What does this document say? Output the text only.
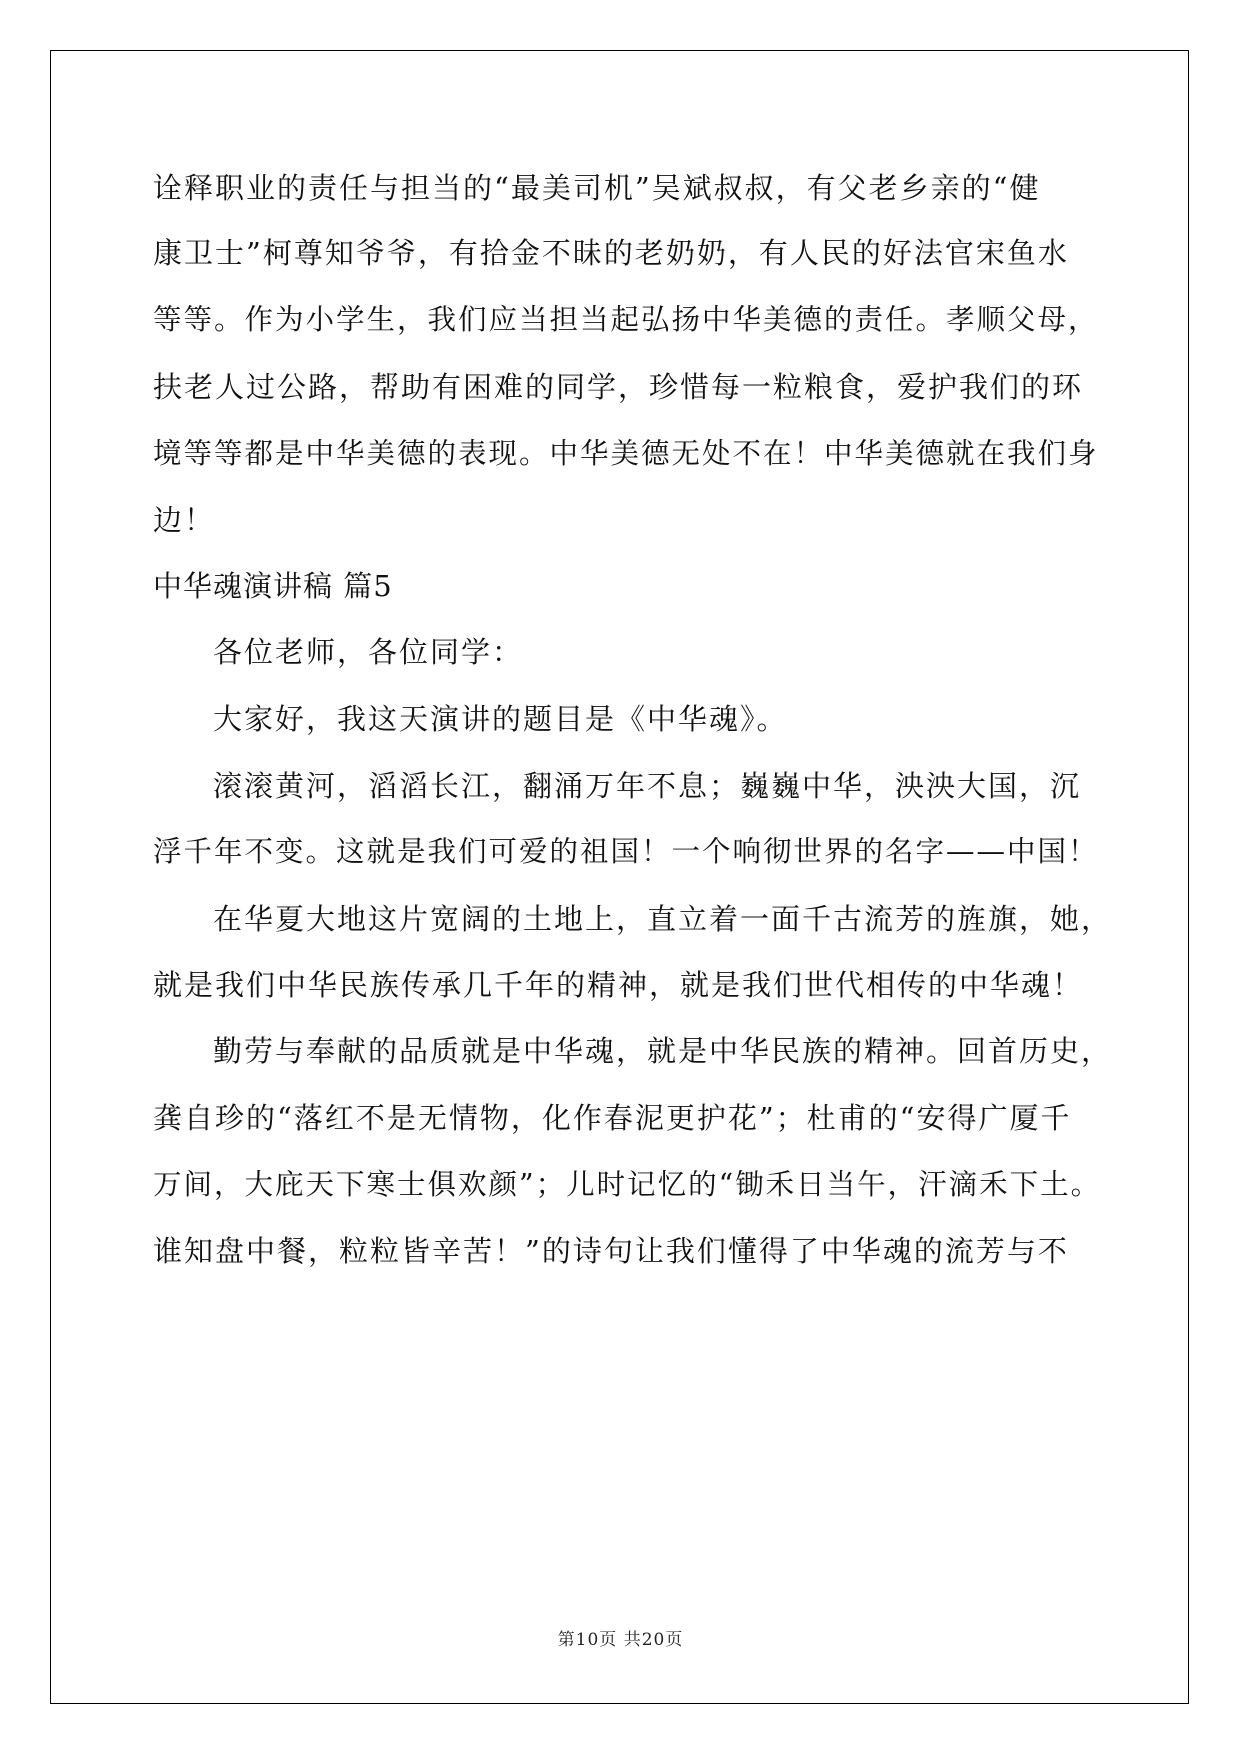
诠释职业的责任与担当的“最美司机”吴斌叔叔，有父老乡亲的“健
康卫士”柯尊知爷爷，有拾金不昧的老奶奶，有人民的好法官宋鱼水
等等。作为小学生，我们应当担当起弘扬中华美德的责任。孝顺父母，
扶老人过公路，帮助有困难的同学，珍惜每一粒粮食，爱护我们的环
境等等都是中华美德的表现。中华美德无处不在！中华美德就在我们身
边！
中华魂演讲稿 篇5
各位老师，各位同学：
大家好，我这天演讲的题目是《中华魂》。
滚滚黄河，滔滔长江，翻涌万年不息；巍巍中华，泱泱大国，沉
浮千年不变。这就是我们可爱的祖国！一个响彻世界的名字——中国！
在华夏大地这片宽阔的土地上，直立着一面千古流芳的旌旗，她，
就是我们中华民族传承几千年的精神，就是我们世代相传的中华魂！
勤劳与奉献的品质就是中华魂，就是中华民族的精神。回首历史，
龚自珍的“落红不是无情物，化作春泥更护花”；杜甫的“安得广厦千
万间，大庇天下寒士俱欢颜”；儿时记忆的“锄禾日当午，汗滴禾下土。
谁知盘中餐，粒粒皆辛苦！”的诗句让我们懂得了中华魂的流芳与不
第10页 共20页
